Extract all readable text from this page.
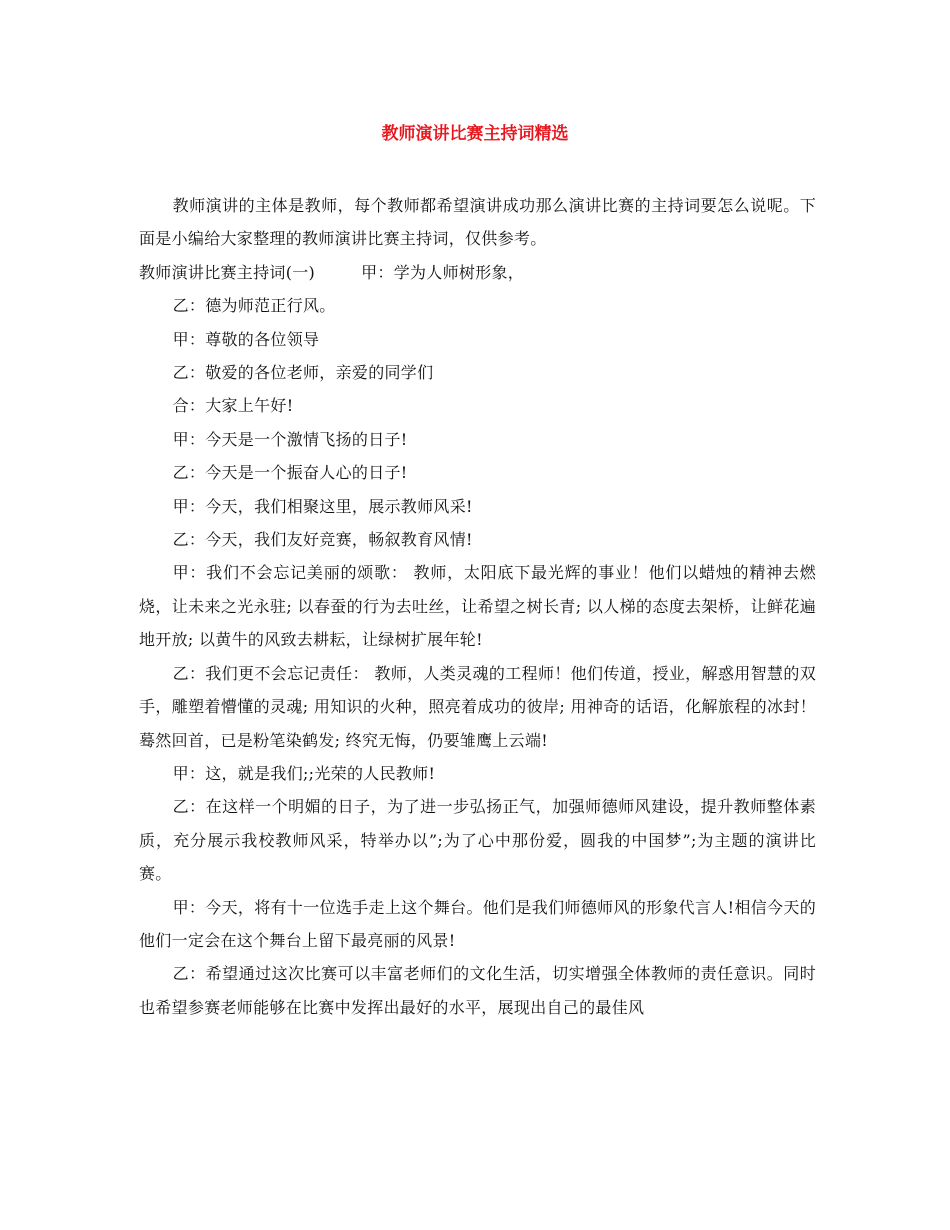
教师演讲比赛主持词精选

教师演讲的主体是教师，每个教师都希望演讲成功那么演讲比赛的主持词要怎么说呢。下面是小编给大家整理的教师演讲比赛主持词，仅供参考。

教师演讲比赛主持词(一)	甲：学为人师树形象，

乙：德为师范正行风。

甲：尊敬的各位领导

乙：敬爱的各位老师，亲爱的同学们

合：大家上午好!

甲：今天是一个激情飞扬的日子!

乙：今天是一个振奋人心的日子!

甲：今天，我们相聚这里，展示教师风采!

乙：今天，我们友好竞赛，畅叙教育风情!

甲：我们不会忘记美丽的颂歌： 教师，太阳底下最光辉的事业！他们以蜡烛的精神去燃烧，让未来之光永驻; 以春蚕的行为去吐丝，让希望之树长青; 以人梯的态度去架桥，让鲜花遍地开放; 以黄牛的风致去耕耘，让绿树扩展年轮!

乙：我们更不会忘记责任： 教师，人类灵魂的工程师！他们传道，授业，解惑用智慧的双手，雕塑着懵懂的灵魂; 用知识的火种，照亮着成功的彼岸; 用神奇的话语，化解旅程的冰封！蓦然回首，已是粉笔染鹤发; 终究无悔，仍要雏鹰上云端!

甲：这，就是我们;;光荣的人民教师!

乙：在这样一个明媚的日子，为了进一步弘扬正气，加强师德师风建设，提升教师整体素质，充分展示我校教师风采，特举办以”;为了心中那份爱，圆我的中国梦”;为主题的演讲比赛。

甲：今天，将有十一位选手走上这个舞台。他们是我们师德师风的形象代言人!相信今天的他们一定会在这个舞台上留下最亮丽的风景!

乙：希望通过这次比赛可以丰富老师们的文化生活，切实增强全体教师的责任意识。同时也希望参赛老师能够在比赛中发挥出最好的水平，展现出自己的最佳风
